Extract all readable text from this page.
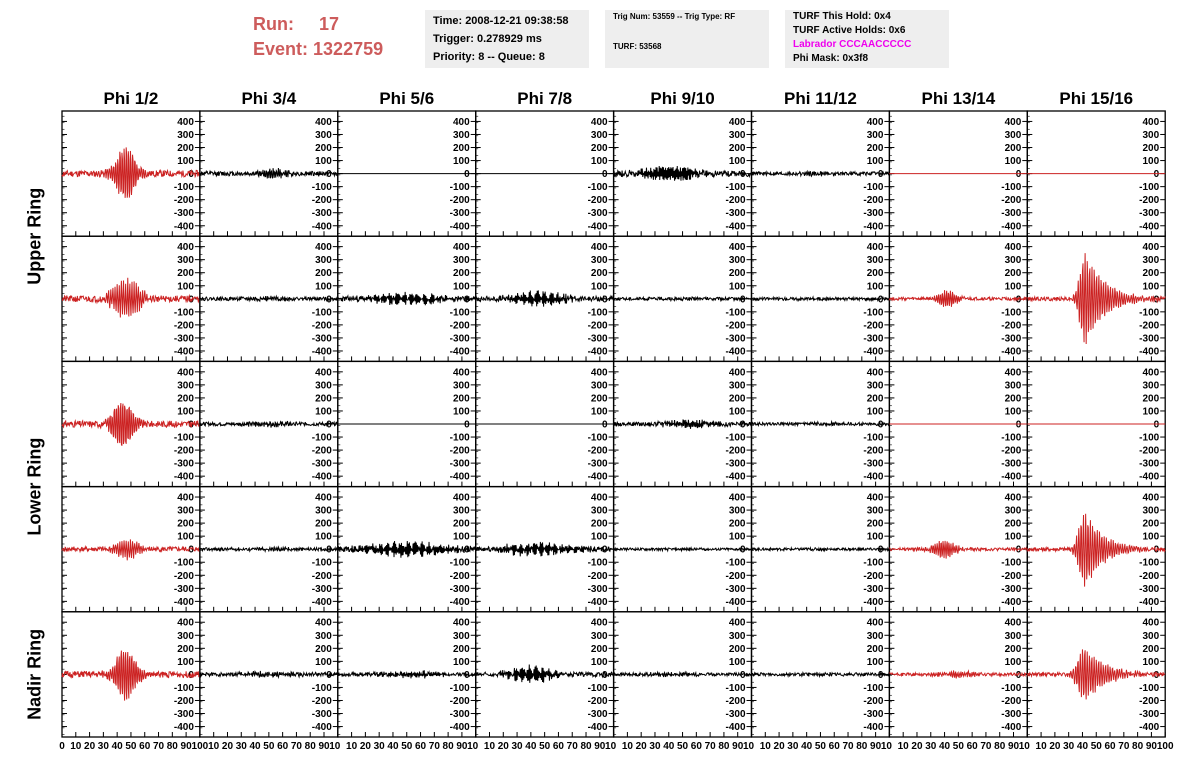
Run: 17
Event: 1322759
Time: 2008-12-21 09:38:58
Trigger: 0.278929 ms
Priority: 8 -- Queue: 8
Trig Num: 53559 -- Trig Type: RF
TURF: 53568
TURF This Hold: 0x4
TURF Active Holds: 0x6
Labrador CCCAACCCCC
Phi Mask: 0x3f8
Phi 1/2	Phi 3/4	Phi 5/6	Phi 7/8	Phi 9/10	Phi 11/12	Phi 13/14	Phi 15/16
Upper Ring
Lower Ring
Nadir Ring
400
300
200
100
0
-100
-200
-300
-400
400
300
200
100
0
-100
-200
-300
-400
400
300
200
100
0
-100
-200
-300
-400
400
300
200
100
0
-100
-200
-300
-400
400
300
200
100
0
-100
-200
-300
-400
400
300
200
100
0
-100
-200
-300
-400
400
300
200
100
0
-100
-200
-300
-400
400
300
200
100
0
-100
-200
-300
-400
400
300
200
100
0
-100
-200
-300
-400
400
300
200
100
0
-100
-200
-300
-400
400
300
200
100
0
-100
-200
-300
-400
400
300
200
100
0
-100
-200
-300
-400
400
300
200
100
0
-100
-200
-300
-400
400
300
200
100
0
-100
-200
-300
-400
400
300
200
100
0
-100
-200
-300
-400
400
300
200
100
0
-100
-200
-300
-400
400
300
200
100
0
-100
-200
-300
-400
400
300
200
100
0
-100
-200
-300
-400
400
300
200
100
0
-100
-200
-300
-400
400
300
200
100
0
-100
-200
-300
-400
400
300
200
100
0
-100
-200
-300
-400
400
300
200
100
0
-100
-200
-300
-400
400
300
200
100
0
-100
-200
-300
-400
400
300
200
100
0
-100
-200
-300
-400
400
300
200
100
0
-100
-200
-300
-400
400
300
200
100
0
-100
-200
-300
-400
400
300
200
100
0
-100
-200
-300
-400
400
300
200
100
0
-100
-200
-300
-400
400
300
200
100
0
-100
-200
-300
-400
400
300
200
100
0
-100
-200
-300
-400
400
300
200
100
0
-100
-200
-300
-400
400
300
200
100
0
-100
-200
-300
-400
400
300
200
100
0
-100
-200
-300
-400
400
300
200
100
0
-100
-200
-300
-400
400
300
200
100
0
-100
-200
-300
-400
400
300
200
100
0
-100
-200
-300
-400
400
300
200
100
0
-100
-200
-300
-400
400
300
200
100
0
-100
-200
-300
-400
400
300
200
100
0
-100
-200
-300
-400
400
300
200
100
0
-100
-200
-300
-400
0 10 20 30 40 50 60 70 80 90 100 10 20 30 40 50 60 70 80 90 10 10 20 30 40 50 60 70 80 90 10 10 20 30 40 50 60 70 80 90 10 10 20 30 40 50 60 70 80 90 10 10 20 30 40 50 60 70 80 90 10 10 20 30 40 50 60 70 80 90 10 10 20 30 40 50 60 70 80 90 100
